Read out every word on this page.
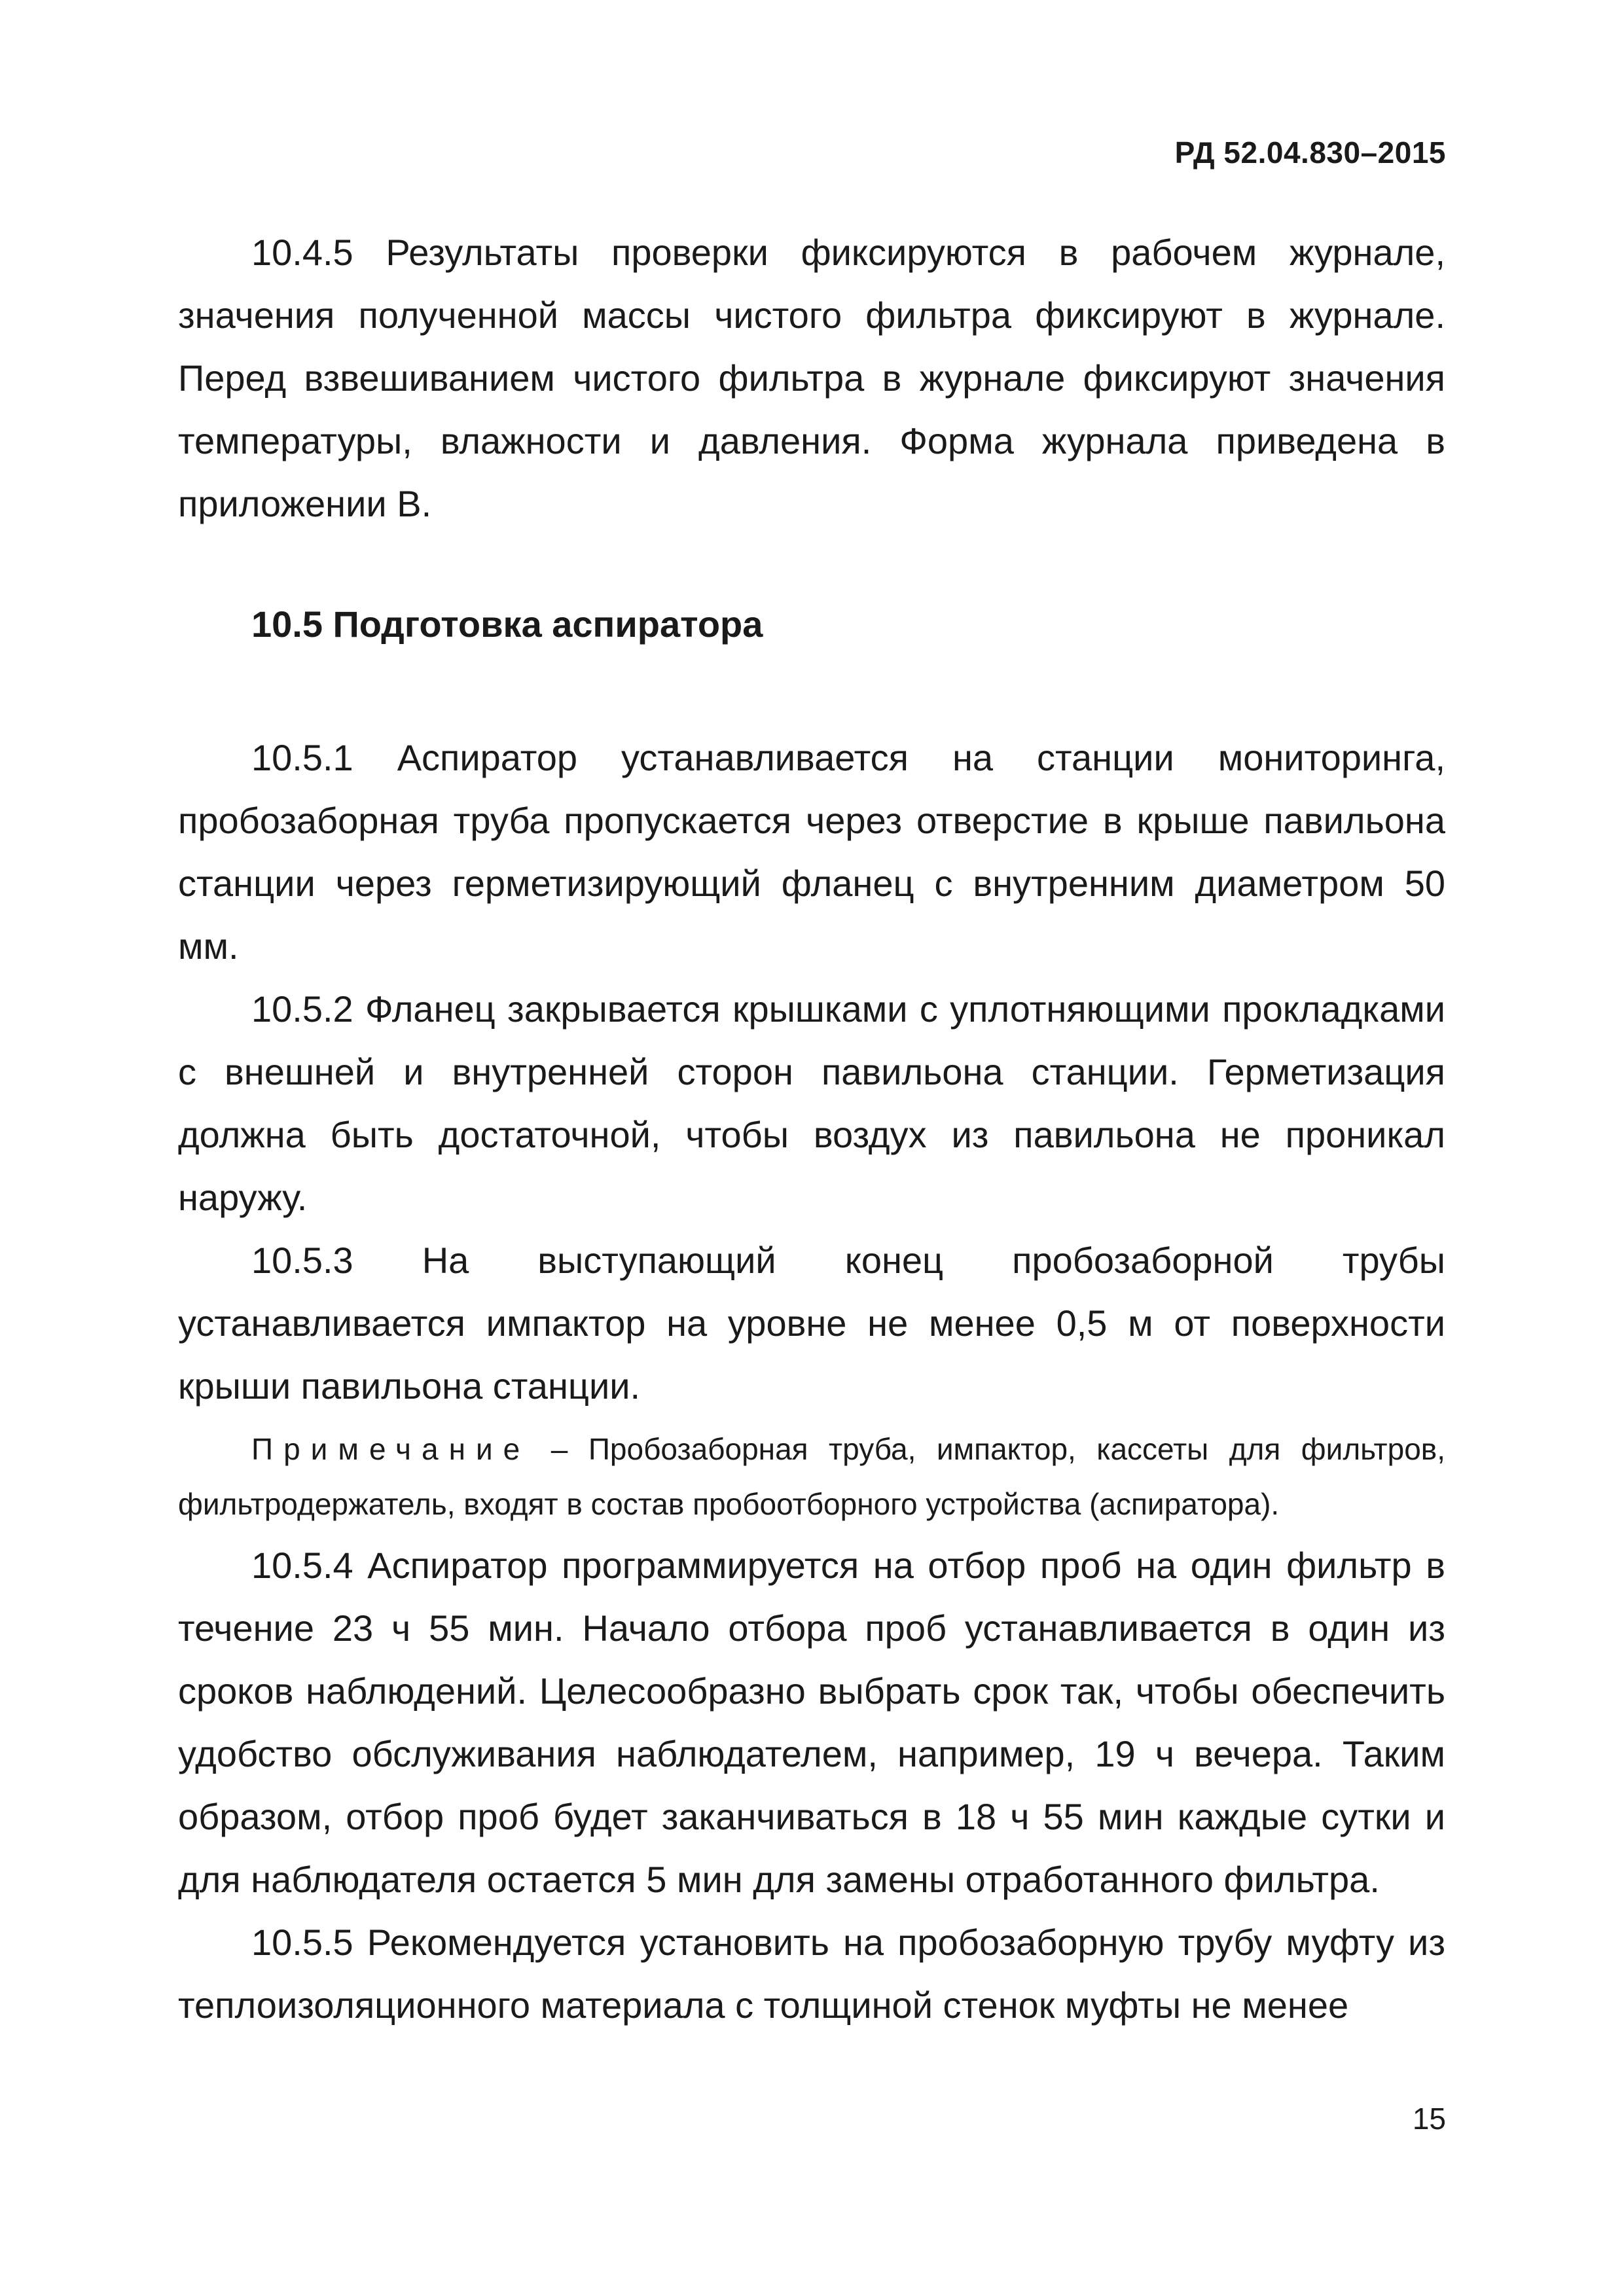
РД 52.04.830–2015

10.4.5 Результаты проверки фиксируются в рабочем журнале, значения полученной массы чистого фильтра фиксируют в журнале. Перед взвешиванием чистого фильтра в журнале фиксируют значения температуры, влажности и давления. Форма журнала приведена в приложении В.

10.5 Подготовка аспиратора

10.5.1 Аспиратор устанавливается на станции мониторинга, пробозаборная труба пропускается через отверстие в крыше павильона станции через герметизирующий фланец с внутренним диаметром 50 мм.

10.5.2 Фланец закрывается крышками с уплотняющими прокладками с внешней и внутренней сторон павильона станции. Герметизация должна быть достаточной, чтобы воздух из павильона не проникал наружу.

10.5.3 На выступающий конец пробозаборной трубы устанавливается импактор на уровне не менее 0,5 м от поверхности крыши павильона станции.

Примечание – Пробозаборная труба, импактор, кассеты для фильтров, фильтродержатель, входят в состав пробоотборного устройства (аспиратора).

10.5.4 Аспиратор программируется на отбор проб на один фильтр в течение 23 ч 55 мин. Начало отбора проб устанавливается в один из сроков наблюдений. Целесообразно выбрать срок так, чтобы обеспечить удобство обслуживания наблюдателем, например, 19 ч вечера. Таким образом, отбор проб будет заканчиваться в 18 ч 55 мин каждые сутки и для наблюдателя остается 5 мин для замены отработанного фильтра.

10.5.5 Рекомендуется установить на пробозаборную трубу муфту из теплоизоляционного материала с толщиной стенок муфты не менее

15
